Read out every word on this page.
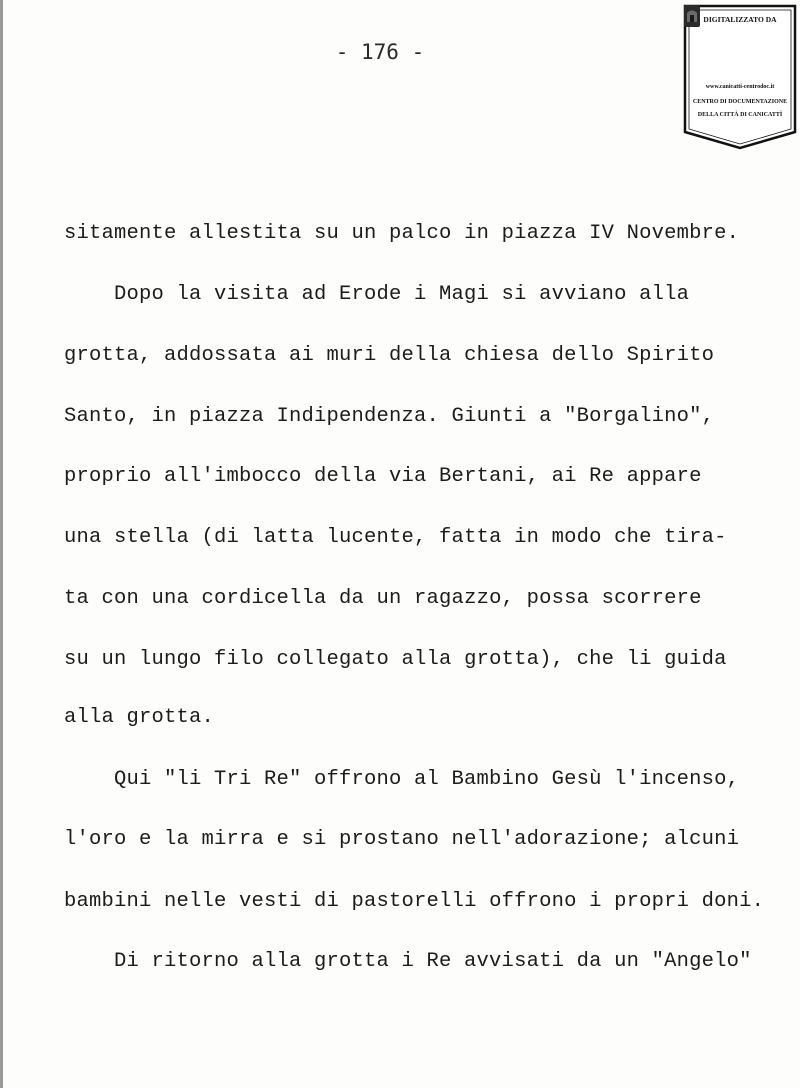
- 176 -
DIGITALIZZATO DA
www.canicatti-centrodoc.it
CENTRO DI DOCUMENTAZIONE
DELLA CITTÀ DI CANICATTÌ
sitamente allestita su un palco in piazza IV Novembre.
Dopo la visita ad Erode i Magi si avviano alla
grotta, addossata ai muri della chiesa dello Spirito
Santo, in piazza Indipendenza. Giunti a "Borgalino",
proprio all'imbocco della via Bertani, ai Re appare
una stella (di latta lucente, fatta in modo che tira-
ta con una cordicella da un ragazzo, possa scorrere
su un lungo filo collegato alla grotta), che li guida
alla grotta.
Qui "li Tri Re" offrono al Bambino Gesù l'incenso,
l'oro e la mirra e si prostano nell'adorazione; alcuni
bambini nelle vesti di pastorelli offrono i propri doni.
Di ritorno alla grotta i Re avvisati da un "Angelo"
